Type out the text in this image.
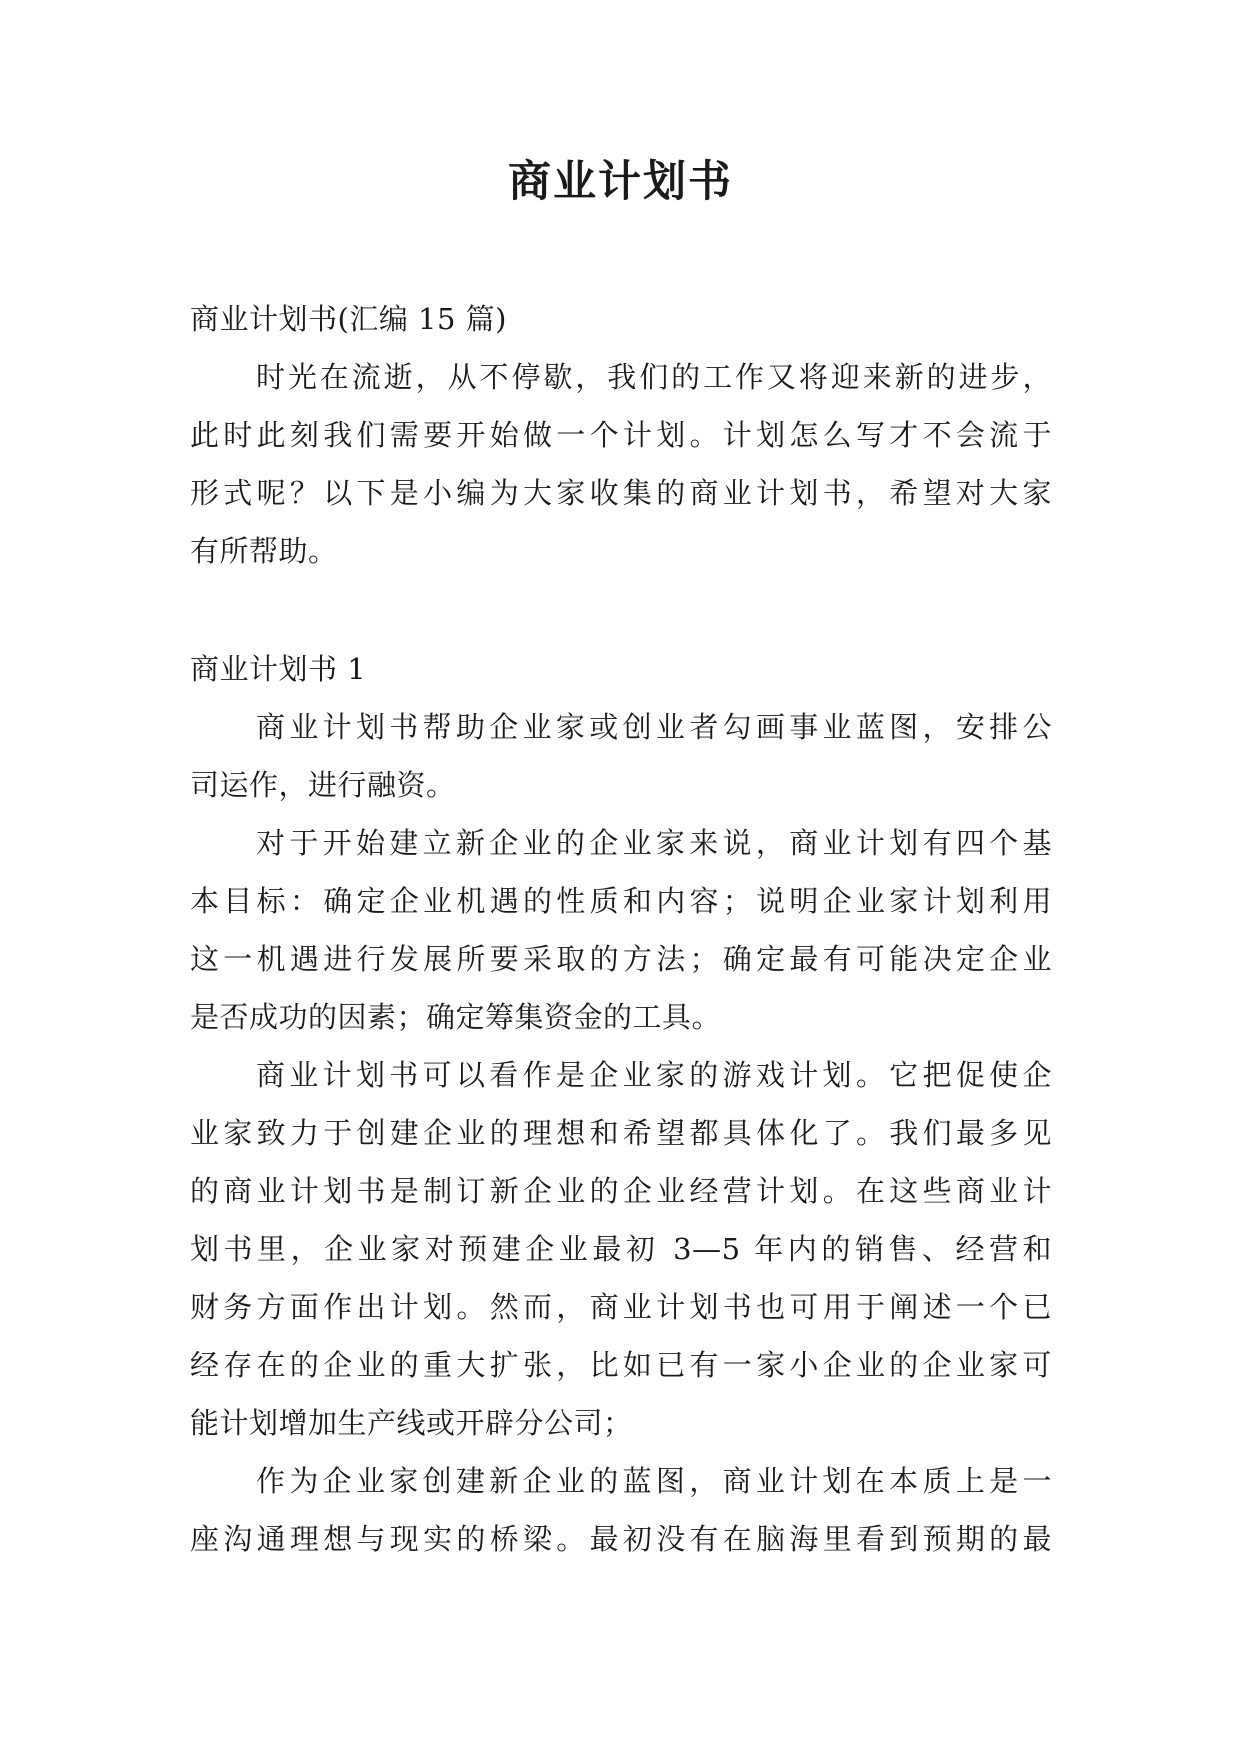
商业计划书

商业计划书(汇编 15 篇)

时光在流逝，从不停歇，我们的工作又将迎来新的进步，

此时此刻我们需要开始做一个计划。计划怎么写才不会流于

形式呢？以下是小编为大家收集的商业计划书，希望对大家

有所帮助。

商业计划书 1

商业计划书帮助企业家或创业者勾画事业蓝图，安排公

司运作，进行融资。

对于开始建立新企业的企业家来说，商业计划有四个基

本目标：确定企业机遇的性质和内容；说明企业家计划利用

这一机遇进行发展所要采取的方法；确定最有可能决定企业

是否成功的因素；确定筹集资金的工具。

商业计划书可以看作是企业家的游戏计划。它把促使企

业家致力于创建企业的理想和希望都具体化了。我们最多见

的商业计划书是制订新企业的企业经营计划。在这些商业计

划书里，企业家对预建企业最初 3—5 年内的销售、经营和

财务方面作出计划。然而，商业计划书也可用于阐述一个已

经存在的企业的重大扩张，比如已有一家小企业的企业家可

能计划增加生产线或开辟分公司；

作为企业家创建新企业的蓝图，商业计划在本质上是一

座沟通理想与现实的桥梁。最初没有在脑海里看到预期的最
